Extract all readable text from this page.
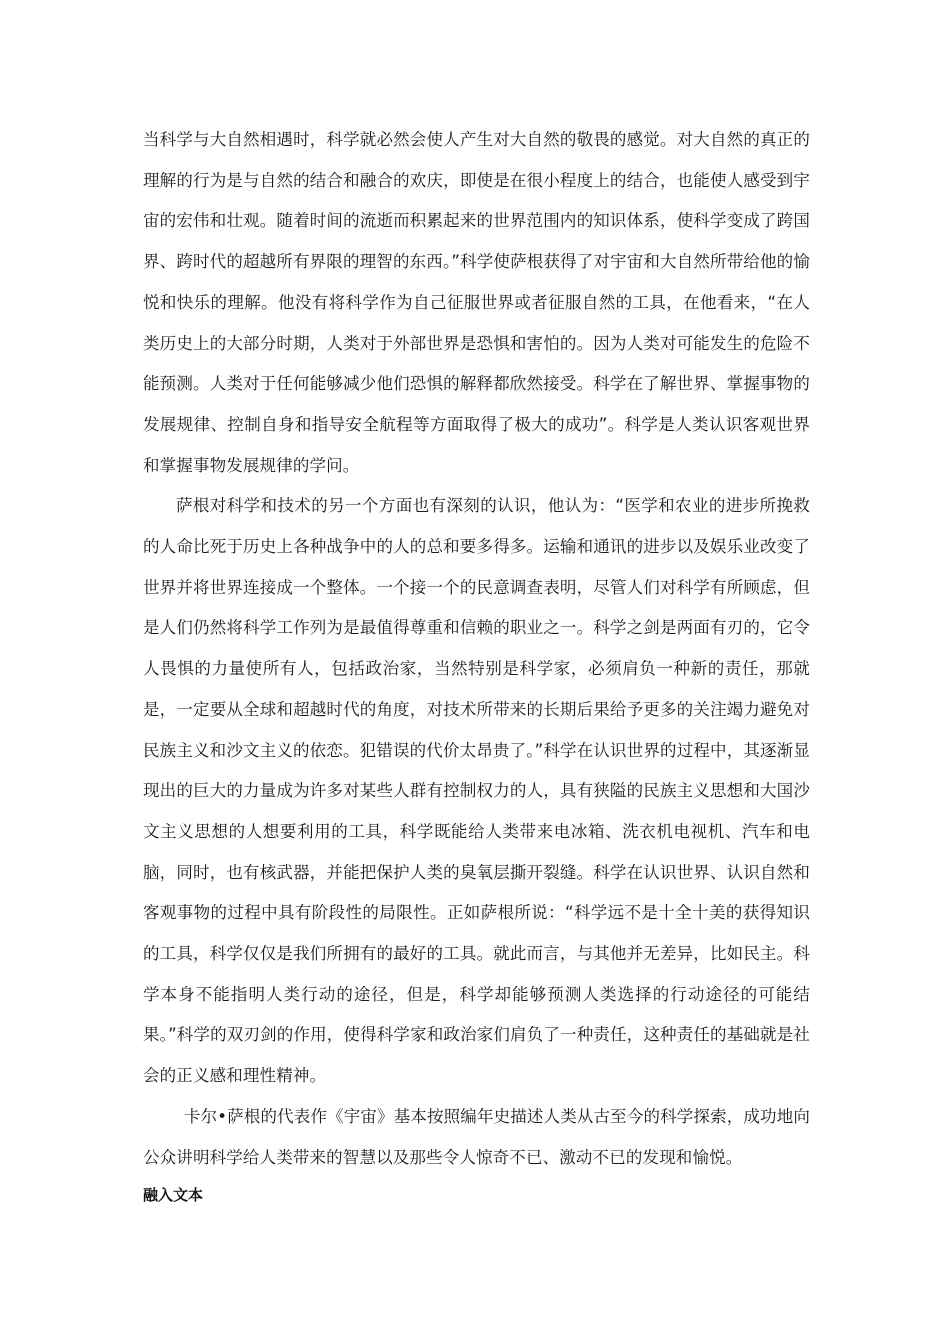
当科学与大自然相遇时，科学就必然会使人产生对大自然的敬畏的感觉。对大自然的真正的理解的行为是与自然的结合和融合的欢庆，即使是在很小程度上的结合，也能使人感受到宇宙的宏伟和壮观。随着时间的流逝而积累起来的世界范围内的知识体系，使科学变成了跨国界、跨时代的超越所有界限的理智的东西。”科学使萨根获得了对宇宙和大自然所带给他的愉悦和快乐的理解。他没有将科学作为自己征服世界或者征服自然的工具，在他看来，“在人类历史上的大部分时期，人类对于外部世界是恐惧和害怕的。因为人类对可能发生的危险不能预测。人类对于任何能够减少他们恐惧的解释都欣然接受。科学在了解世界、掌握事物的发展规律、控制自身和指导安全航程等方面取得了极大的成功”。科学是人类认识客观世界和掌握事物发展规律的学问。

萨根对科学和技术的另一个方面也有深刻的认识，他认为：“医学和农业的进步所挽救的人命比死于历史上各种战争中的人的总和要多得多。运输和通讯的进步以及娱乐业改变了世界并将世界连接成一个整体。一个接一个的民意调查表明，尽管人们对科学有所顾虑，但是人们仍然将科学工作列为是最值得尊重和信赖的职业之一。科学之剑是两面有刃的，它令人畏惧的力量使所有人，包括政治家，当然特别是科学家，必须肩负一种新的责任，那就是，一定要从全球和超越时代的角度，对技术所带来的长期后果给予更多的关注竭力避免对民族主义和沙文主义的依恋。犯错误的代价太昂贵了。”科学在认识世界的过程中，其逐渐显现出的巨大的力量成为许多对某些人群有控制权力的人，具有狭隘的民族主义思想和大国沙文主义思想的人想要利用的工具，科学既能给人类带来电冰箱、洗衣机电视机、汽车和电脑，同时，也有核武器，并能把保护人类的臭氧层撕开裂缝。科学在认识世界、认识自然和客观事物的过程中具有阶段性的局限性。正如萨根所说：“科学远不是十全十美的获得知识的工具，科学仅仅是我们所拥有的最好的工具。就此而言，与其他并无差异，比如民主。科学本身不能指明人类行动的途径，但是，科学却能够预测人类选择的行动途径的可能结果。”科学的双刃剑的作用，使得科学家和政治家们肩负了一种责任，这种责任的基础就是社会的正义感和理性精神。

卡尔•萨根的代表作《宇宙》基本按照编年史描述人类从古至今的科学探索，成功地向公众讲明科学给人类带来的智慧以及那些令人惊奇不已、激动不已的发现和愉悦。

融入文本
